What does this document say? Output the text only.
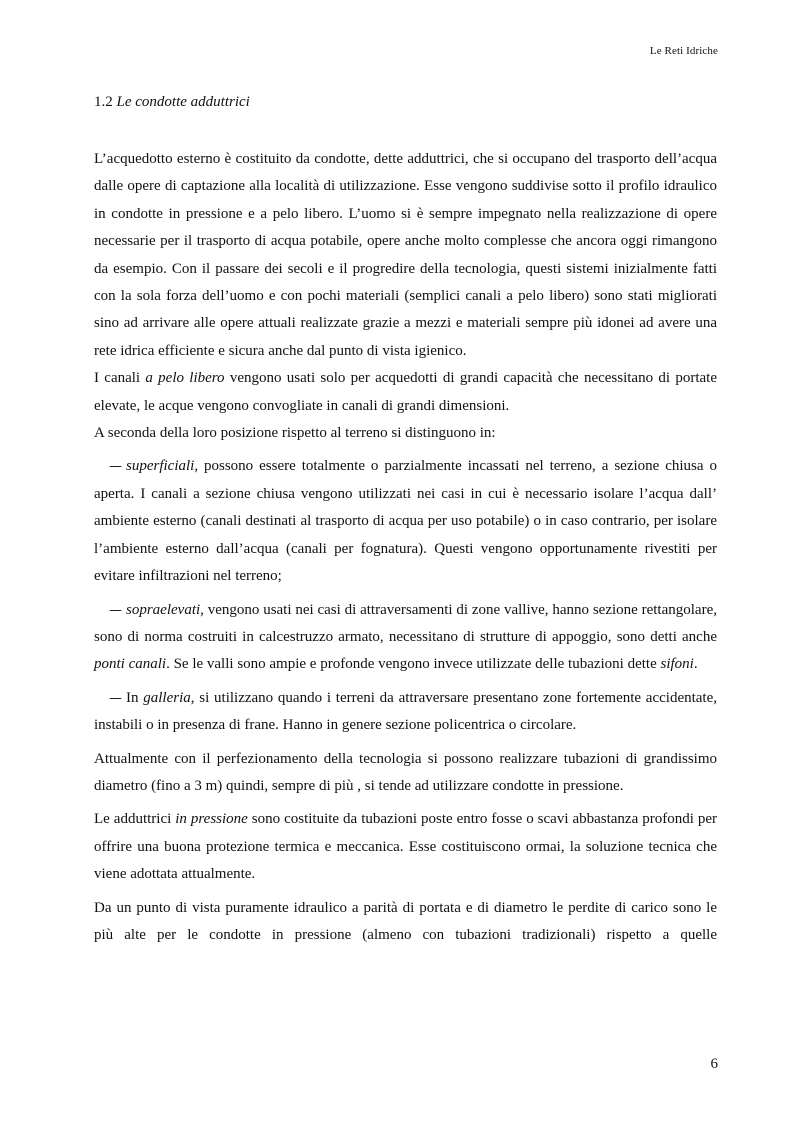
Le Reti Idriche
1.2 Le condotte adduttrici

L’acquedotto esterno è costituito da condotte, dette adduttrici, che si occupano del trasporto dell’acqua dalle opere di captazione alla località di utilizzazione. Esse vengono suddivise sotto il profilo idraulico in condotte in pressione e a pelo libero. L’uomo si è sempre impegnato nella realizzazione di opere necessarie per il trasporto di acqua potabile, opere anche molto complesse che ancora oggi rimangono da esempio. Con il passare dei secoli e il progredire della tecnologia, questi sistemi inizialmente fatti con la sola forza dell’uomo e con pochi materiali (semplici canali a pelo libero) sono stati migliorati sino ad arrivare alle opere attuali realizzate grazie a mezzi e materiali sempre più idonei ad avere una rete idrica efficiente e sicura anche dal punto di vista igienico.

I canali a pelo libero vengono usati solo per acquedotti di grandi capacità che necessitano di portate elevate, le acque vengono convogliate in canali di grandi dimensioni.

A seconda della loro posizione rispetto al terreno si distinguono in:

— superficiali, possono essere totalmente o parzialmente incassati nel terreno, a sezione chiusa o aperta. I canali a sezione chiusa vengono utilizzati nei casi in cui è necessario isolare l’acqua dall’ ambiente esterno (canali destinati al trasporto di acqua per uso potabile) o in caso contrario, per isolare l’ambiente esterno dall’acqua (canali per fognatura). Questi vengono opportunamente rivestiti per evitare infiltrazioni nel terreno;

— sopraelevati, vengono usati nei casi di attraversamenti di zone vallive, hanno sezione rettangolare, sono di norma costruiti in calcestruzzo armato, necessitano di strutture di appoggio, sono detti anche ponti canali. Se le valli sono ampie e profonde vengono invece utilizzate delle tubazioni dette sifoni.

— In galleria, si utilizzano quando i terreni da attraversare presentano zone fortemente accidentate, instabili o in presenza di frane. Hanno in genere sezione policentrica o circolare.

Attualmente con il perfezionamento della tecnologia si possono realizzare tubazioni di grandissimo diametro (fino a 3 m) quindi, sempre di più , si tende ad utilizzare condotte in pressione.

Le adduttrici in pressione sono costituite da tubazioni poste entro fosse o scavi abbastanza profondi per offrire una buona protezione termica e meccanica. Esse costituiscono ormai, la soluzione tecnica che viene adottata attualmente.

Da un punto di vista puramente idraulico a parità di portata e di diametro le perdite di carico sono le più alte per le condotte in pressione (almeno con tubazioni tradizionali) rispetto a quelle

6
